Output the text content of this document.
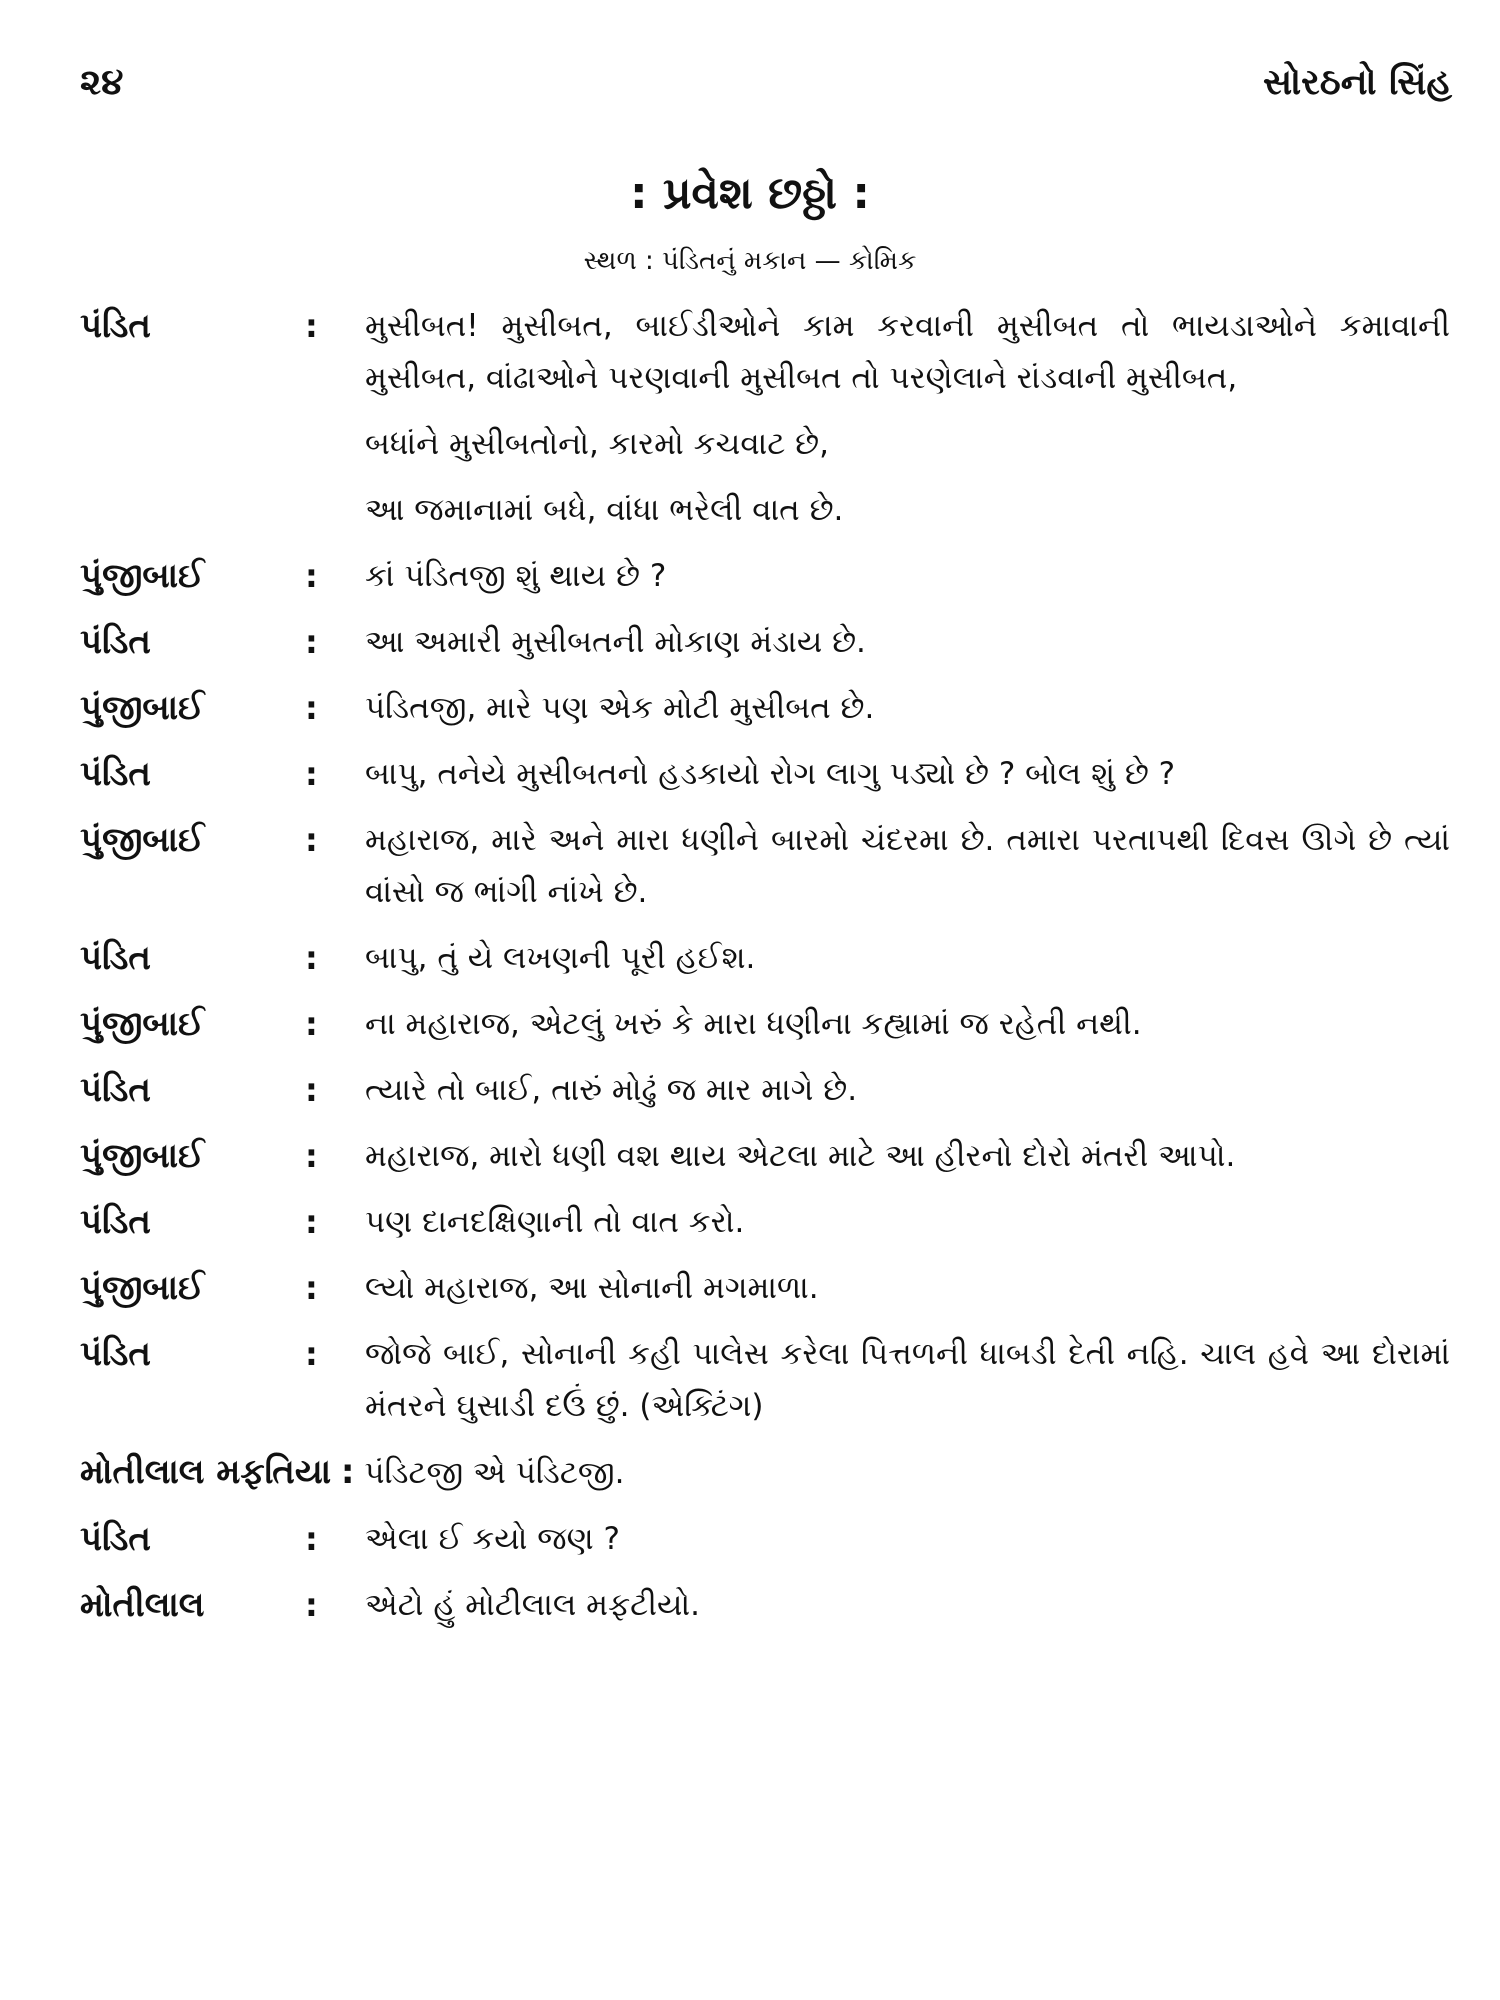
૨૪	સોરઠનો સિંહ
: પ્રવેશ છઠ્ઠો :
સ્થળ : પંડિતનું મકાન — કોમિક
પંડિત	:	મુસીબત! મુસીબત, બાઈડીઓને કામ કરવાની મુસીબત તો ભાયડાઓને કમાવાની મુસીબત, વાંઢાઓને પરણવાની મુસીબત તો પરણેલાને રાંડવાની મુસીબત,
બધાંને મુસીબતોનો, કારમો કચવાટ છે,
આ જમાનામાં બધે, વાંધા ભરેલી વાત છે.
પુંજીબાઈ	:	કાં પંડિતજી શું થાય છે ?
પંડિત	:	આ અમારી મુસીબતની મોકાણ મંડાય છે.
પુંજીબાઈ	:	પંડિતજી, મારે પણ એક મોટી મુસીબત છે.
પંડિત	:	બાપુ, તનેયે મુસીબતનો હડકાયો રોગ લાગુ પડ્યો છે ? બોલ શું છે ?
પુંજીબાઈ	:	મહારાજ, મારે અને મારા ધણીને બારમો ચંદરમા છે. તમારા પરતાપથી દિવસ ઊગે છે ત્યાં વાંસો જ ભાંગી નાંખે છે.
પંડિત	:	બાપુ, તું યે લખણની પૂરી હઈશ.
પુંજીબાઈ	:	ના મહારાજ, એટલું ખરું કે મારા ધણીના કહ્યામાં જ રહેતી નથી.
પંડિત	:	ત્યારે તો બાઈ, તારું મોઢું જ માર માગે છે.
પુંજીબાઈ	:	મહારાજ, મારો ધણી વશ થાય એટલા માટે આ હીરનો દોરો મંતરી આપો.
પંડિત	:	પણ દાનદક્ષિણાની તો વાત કરો.
પુંજીબાઈ	:	લ્યો મહારાજ, આ સોનાની મગમાળા.
પંડિત	:	જોજે બાઈ, સોનાની કહી પાલેસ કરેલા પિત્તળની ધાબડી દેતી નહિ. ચાલ હવે આ દોરામાં મંતરને ઘુસાડી દઉં છું. (એક્ટિંગ)
મોતીલાલ મફતિયા : પંડિટજી એ પંડિટજી.
પંડિત	:	એલા ઈ કયો જણ ?
મોતીલાલ	:	એટો હું મોટીલાલ મફટીયો.
